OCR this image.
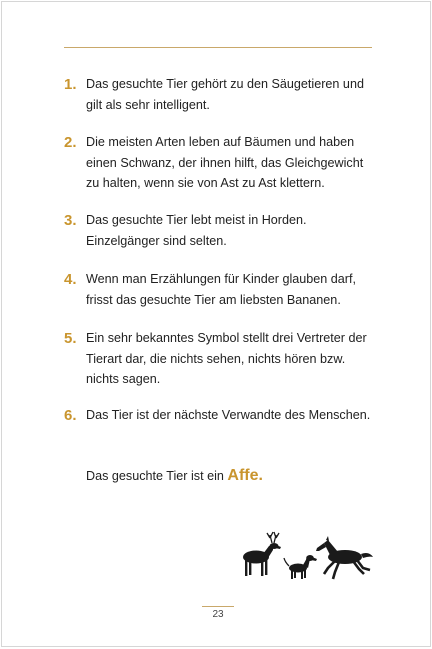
1. Das gesuchte Tier gehört zu den Säugetieren und
gilt als sehr intelligent.
2. Die meisten Arten leben auf Bäumen und haben
einen Schwanz, der ihnen hilft, das Gleichgewicht
zu halten, wenn sie von Ast zu Ast klettern.
3. Das gesuchte Tier lebt meist in Horden.
Einzelgänger sind selten.
4. Wenn man Erzählungen für Kinder glauben darf,
frisst das gesuchte Tier am liebsten Bananen.
5. Ein sehr bekanntes Symbol stellt drei Vertreter der
Tierart dar, die nichts sehen, nichts hören bzw.
nichts sagen.
6. Das Tier ist der nächste Verwandte des Menschen.
Das gesuchte Tier ist ein Affe.
23
